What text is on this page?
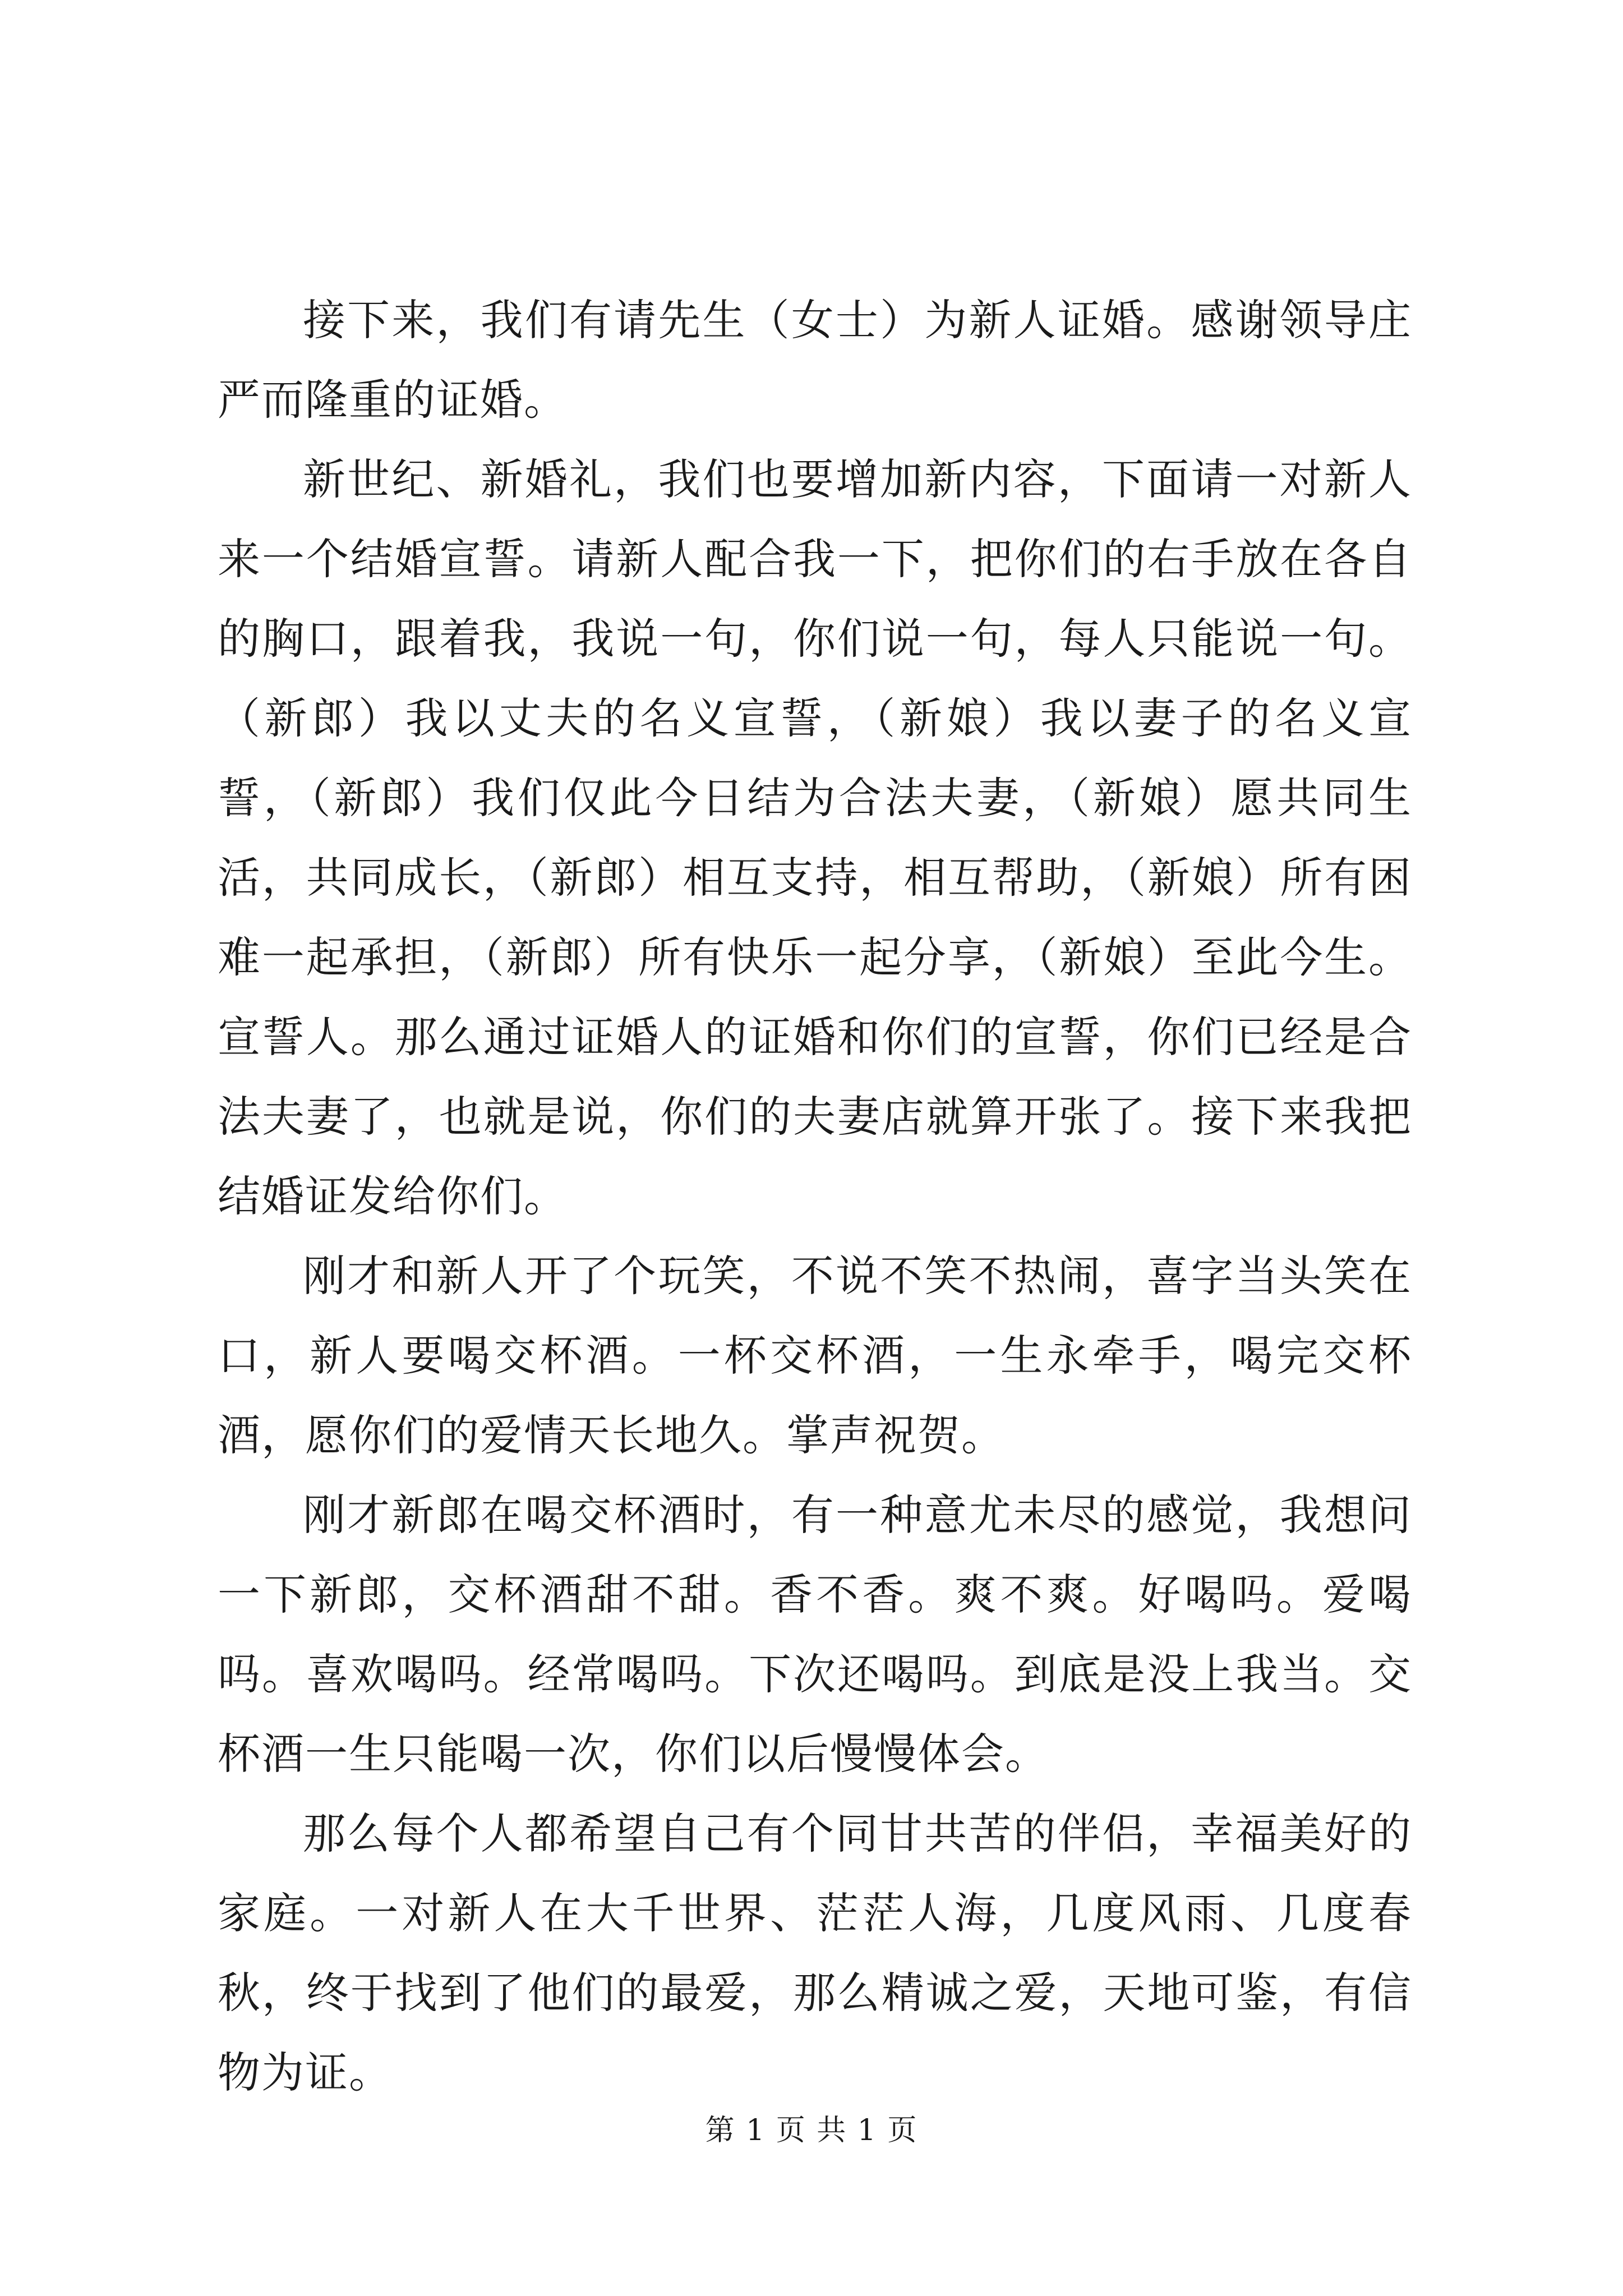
接下来，我们有请先生（女士）为新人证婚。感谢领导庄严而隆重的证婚。

新世纪、新婚礼，我们也要增加新内容，下面请一对新人来一个结婚宣誓。请新人配合我一下，把你们的右手放在各自的胸口，跟着我，我说一句，你们说一句，每人只能说一句。（新郎）我以丈夫的名义宣誓，（新娘）我以妻子的名义宣誓，（新郎）我们仅此今日结为合法夫妻，（新娘）愿共同生活，共同成长，（新郎）相互支持，相互帮助，（新娘）所有困难一起承担，（新郎）所有快乐一起分享，（新娘）至此今生。宣誓人。那么通过证婚人的证婚和你们的宣誓，你们已经是合法夫妻了，也就是说，你们的夫妻店就算开张了。接下来我把结婚证发给你们。

刚才和新人开了个玩笑，不说不笑不热闹，喜字当头笑在口，新人要喝交杯酒。一杯交杯酒，一生永牵手，喝完交杯酒，愿你们的爱情天长地久。掌声祝贺。

刚才新郎在喝交杯酒时，有一种意尤未尽的感觉，我想问一下新郎，交杯酒甜不甜。香不香。爽不爽。好喝吗。爱喝吗。喜欢喝吗。经常喝吗。下次还喝吗。到底是没上我当。交杯酒一生只能喝一次，你们以后慢慢体会。

那么每个人都希望自己有个同甘共苦的伴侣，幸福美好的家庭。一对新人在大千世界、茫茫人海，几度风雨、几度春秋，终于找到了他们的最爱，那么精诚之爱，天地可鉴，有信物为证。

第 1 页 共 1 页
